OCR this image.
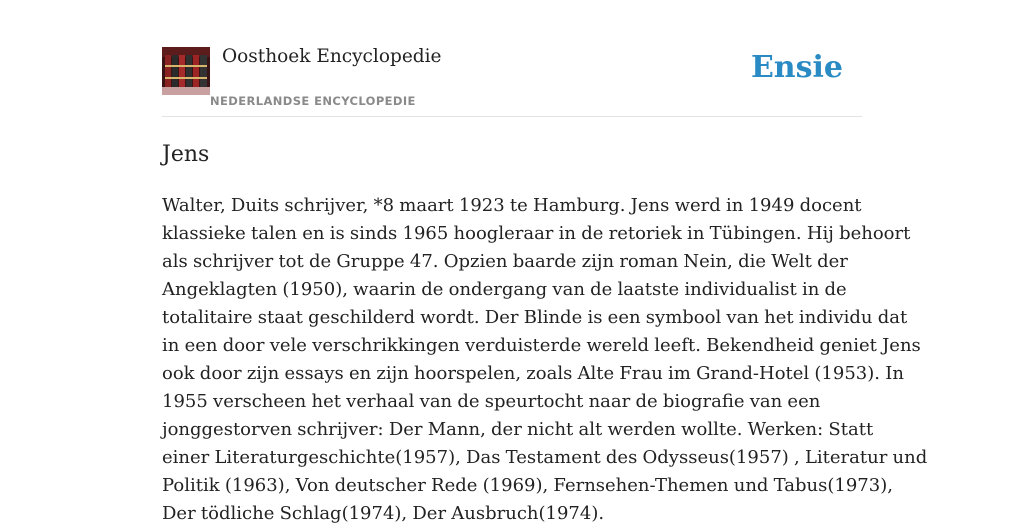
Oosthoek Encyclopedie
NEDERLANDSE ENCYCLOPEDIE
Ensie
Jens
Walter, Duits schrijver, *8 maart 1923 te Hamburg. Jens werd in 1949 docent
klassieke talen en is sinds 1965 hoogleraar in de retoriek in Tübingen. Hij behoort
als schrijver tot de Gruppe 47. Opzien baarde zijn roman Nein, die Welt der
Angeklagten (1950), waarin de ondergang van de laatste individualist in de
totalitaire staat geschilderd wordt. Der Blinde is een symbool van het individu dat
in een door vele verschrikkingen verduisterde wereld leeft. Bekendheid geniet Jens
ook door zijn essays en zijn hoorspelen, zoals Alte Frau im Grand-Hotel (1953). In
1955 verscheen het verhaal van de speurtocht naar de biografie van een
jonggestorven schrijver: Der Mann, der nicht alt werden wollte. Werken: Statt
einer Literaturgeschichte(1957), Das Testament des Odysseus(1957) , Literatur und
Politik (1963), Von deutscher Rede (1969), Fernsehen-Themen und Tabus(1973),
Der tödliche Schlag(1974), Der Ausbruch(1974).
